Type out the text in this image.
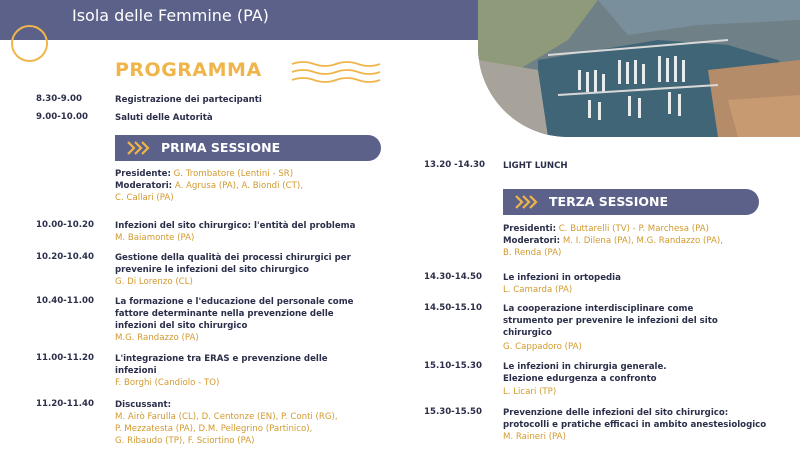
Isola delle Femmine (PA)
PROGRAMMA
8.30-9.00	Registrazione dei partecipanti
9.00-10.00	Saluti delle Autorità
PRIMA SESSIONE
Presidente: G. Trombatore (Lentini - SR)
Moderatori: A. Agrusa (PA), A. Biondi (CT),
C. Callari (PA)
10.00-10.20 Infezioni del sito chirurgico: l'entità del problema
M. Baiamonte (PA)
10.20-10.40 Gestione della qualità dei processi chirurgici per
prevenire le infezioni del sito chirurgico
G. Di Lorenzo (CL)
10.40-11.00 La formazione e l'educazione del personale come
fattore determinante nella prevenzione delle
infezioni del sito chirurgico
M.G. Randazzo (PA)
11.00-11.20 L'integrazione tra ERAS e prevenzione delle
infezioni
F. Borghi (Candiolo - TO)
11.20-11.40 Discussant:
M. Airò Farulla (CL), D. Centonze (EN), P. Conti (RG),
P. Mezzatesta (PA), D.M. Pellegrino (Partinico),
G. Ribaudo (TP), F. Sciortino (PA)
13.20 -14.30 LIGHT LUNCH
TERZA SESSIONE
Presidenti: C. Buttarelli (TV) - P. Marchesa (PA)
Moderatori: M. I. Dilena (PA), M.G. Randazzo (PA),
B. Renda (PA)
14.30-14.50 Le infezioni in ortopedia
L. Camarda (PA)
14.50-15.10 La cooperazione interdisciplinare come
strumento per prevenire le infezioni del sito
chirurgico
G. Cappadoro (PA)
15.10-15.30 Le infezioni in chirurgia generale.
Elezione edurgenza a confronto
L. Licari (TP)
15.30-15.50 Prevenzione delle infezioni del sito chirurgico:
protocolli e pratiche efficaci in ambito anestesiologico
M. Raineri (PA)
